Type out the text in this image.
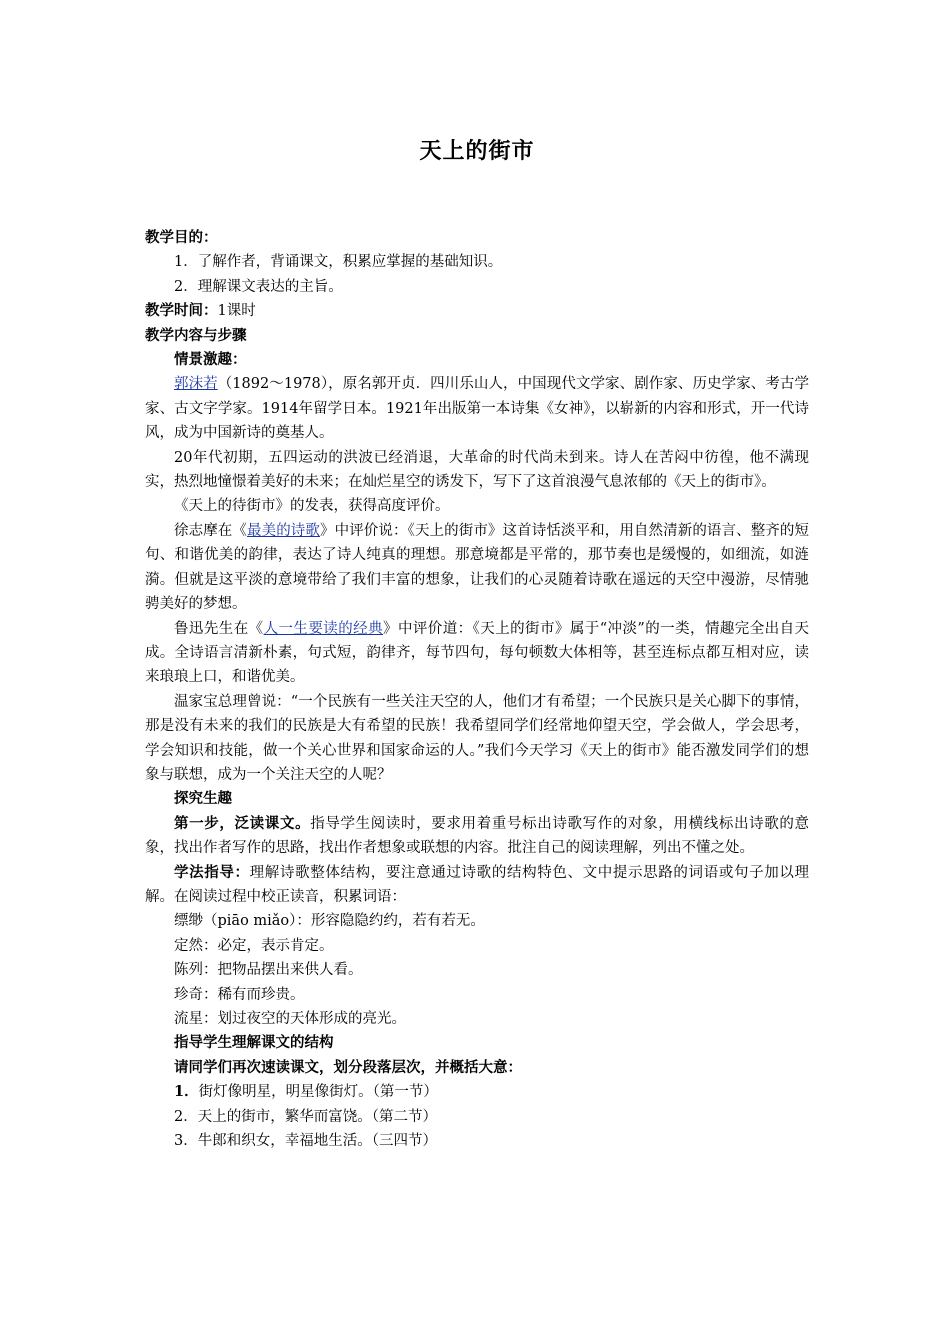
天上的街市

教学目的：

1．了解作者，背诵课文，积累应掌握的基础知识。

2．理解课文表达的主旨。

教学时间：1课时

教学内容与步骤

情景激趣：

郭沫若（1892～1978），原名郭开贞．四川乐山人，中国现代文学家、剧作家、历史学家、考古学家、古文字学家。1914年留学日本。1921年出版第一本诗集《女神》，以崭新的内容和形式，开一代诗风，成为中国新诗的奠基人。

20年代初期，五四运动的洪波已经消退，大革命的时代尚未到来。诗人在苦闷中彷徨，他不满现实，热烈地憧憬着美好的未来；在灿烂星空的诱发下，写下了这首浪漫气息浓郁的《天上的街市》。

《天上的待街市》的发表，获得高度评价。

徐志摩在《最美的诗歌》中评价说：《天上的街市》这首诗恬淡平和，用自然清新的语言、整齐的短句、和谐优美的韵律，表达了诗人纯真的理想。那意境都是平常的，那节奏也是缓慢的，如细流，如涟漪。但就是这平淡的意境带给了我们丰富的想象，让我们的心灵随着诗歌在遥远的天空中漫游，尽情驰骋美好的梦想。

鲁迅先生在《人一生要读的经典》中评价道：《天上的街市》属于“冲淡”的一类，情趣完全出自天成。全诗语言清新朴素，句式短，韵律齐，每节四句，每句顿数大体相等，甚至连标点都互相对应，读来琅琅上口，和谐优美。

温家宝总理曾说：“一个民族有一些关注天空的人，他们才有希望；一个民族只是关心脚下的事情，那是没有未来的我们的民族是大有希望的民族！我希望同学们经常地仰望天空，学会做人，学会思考，学会知识和技能，做一个关心世界和国家命运的人。”我们今天学习《天上的街市》能否激发同学们的想象与联想，成为一个关注天空的人呢？

探究生趣

第一步，泛读课文。指导学生阅读时，要求用着重号标出诗歌写作的对象，用横线标出诗歌的意象，找出作者写作的思路，找出作者想象或联想的内容。批注自己的阅读理解，列出不懂之处。

学法指导：理解诗歌整体结构，要注意通过诗歌的结构特色、文中提示思路的词语或句子加以理解。在阅读过程中校正读音，积累词语：

缥缈（piāo miǎo）：形容隐隐约约，若有若无。

定然：必定，表示肯定。

陈列：把物品摆出来供人看。

珍奇：稀有而珍贵。

流星：划过夜空的天体形成的亮光。

指导学生理解课文的结构

请同学们再次速读课文，划分段落层次，并概括大意：

1．街灯像明星，明星像街灯。（第一节）

2．天上的街市，繁华而富饶。（第二节）

3．牛郎和织女，幸福地生活。（三四节）
